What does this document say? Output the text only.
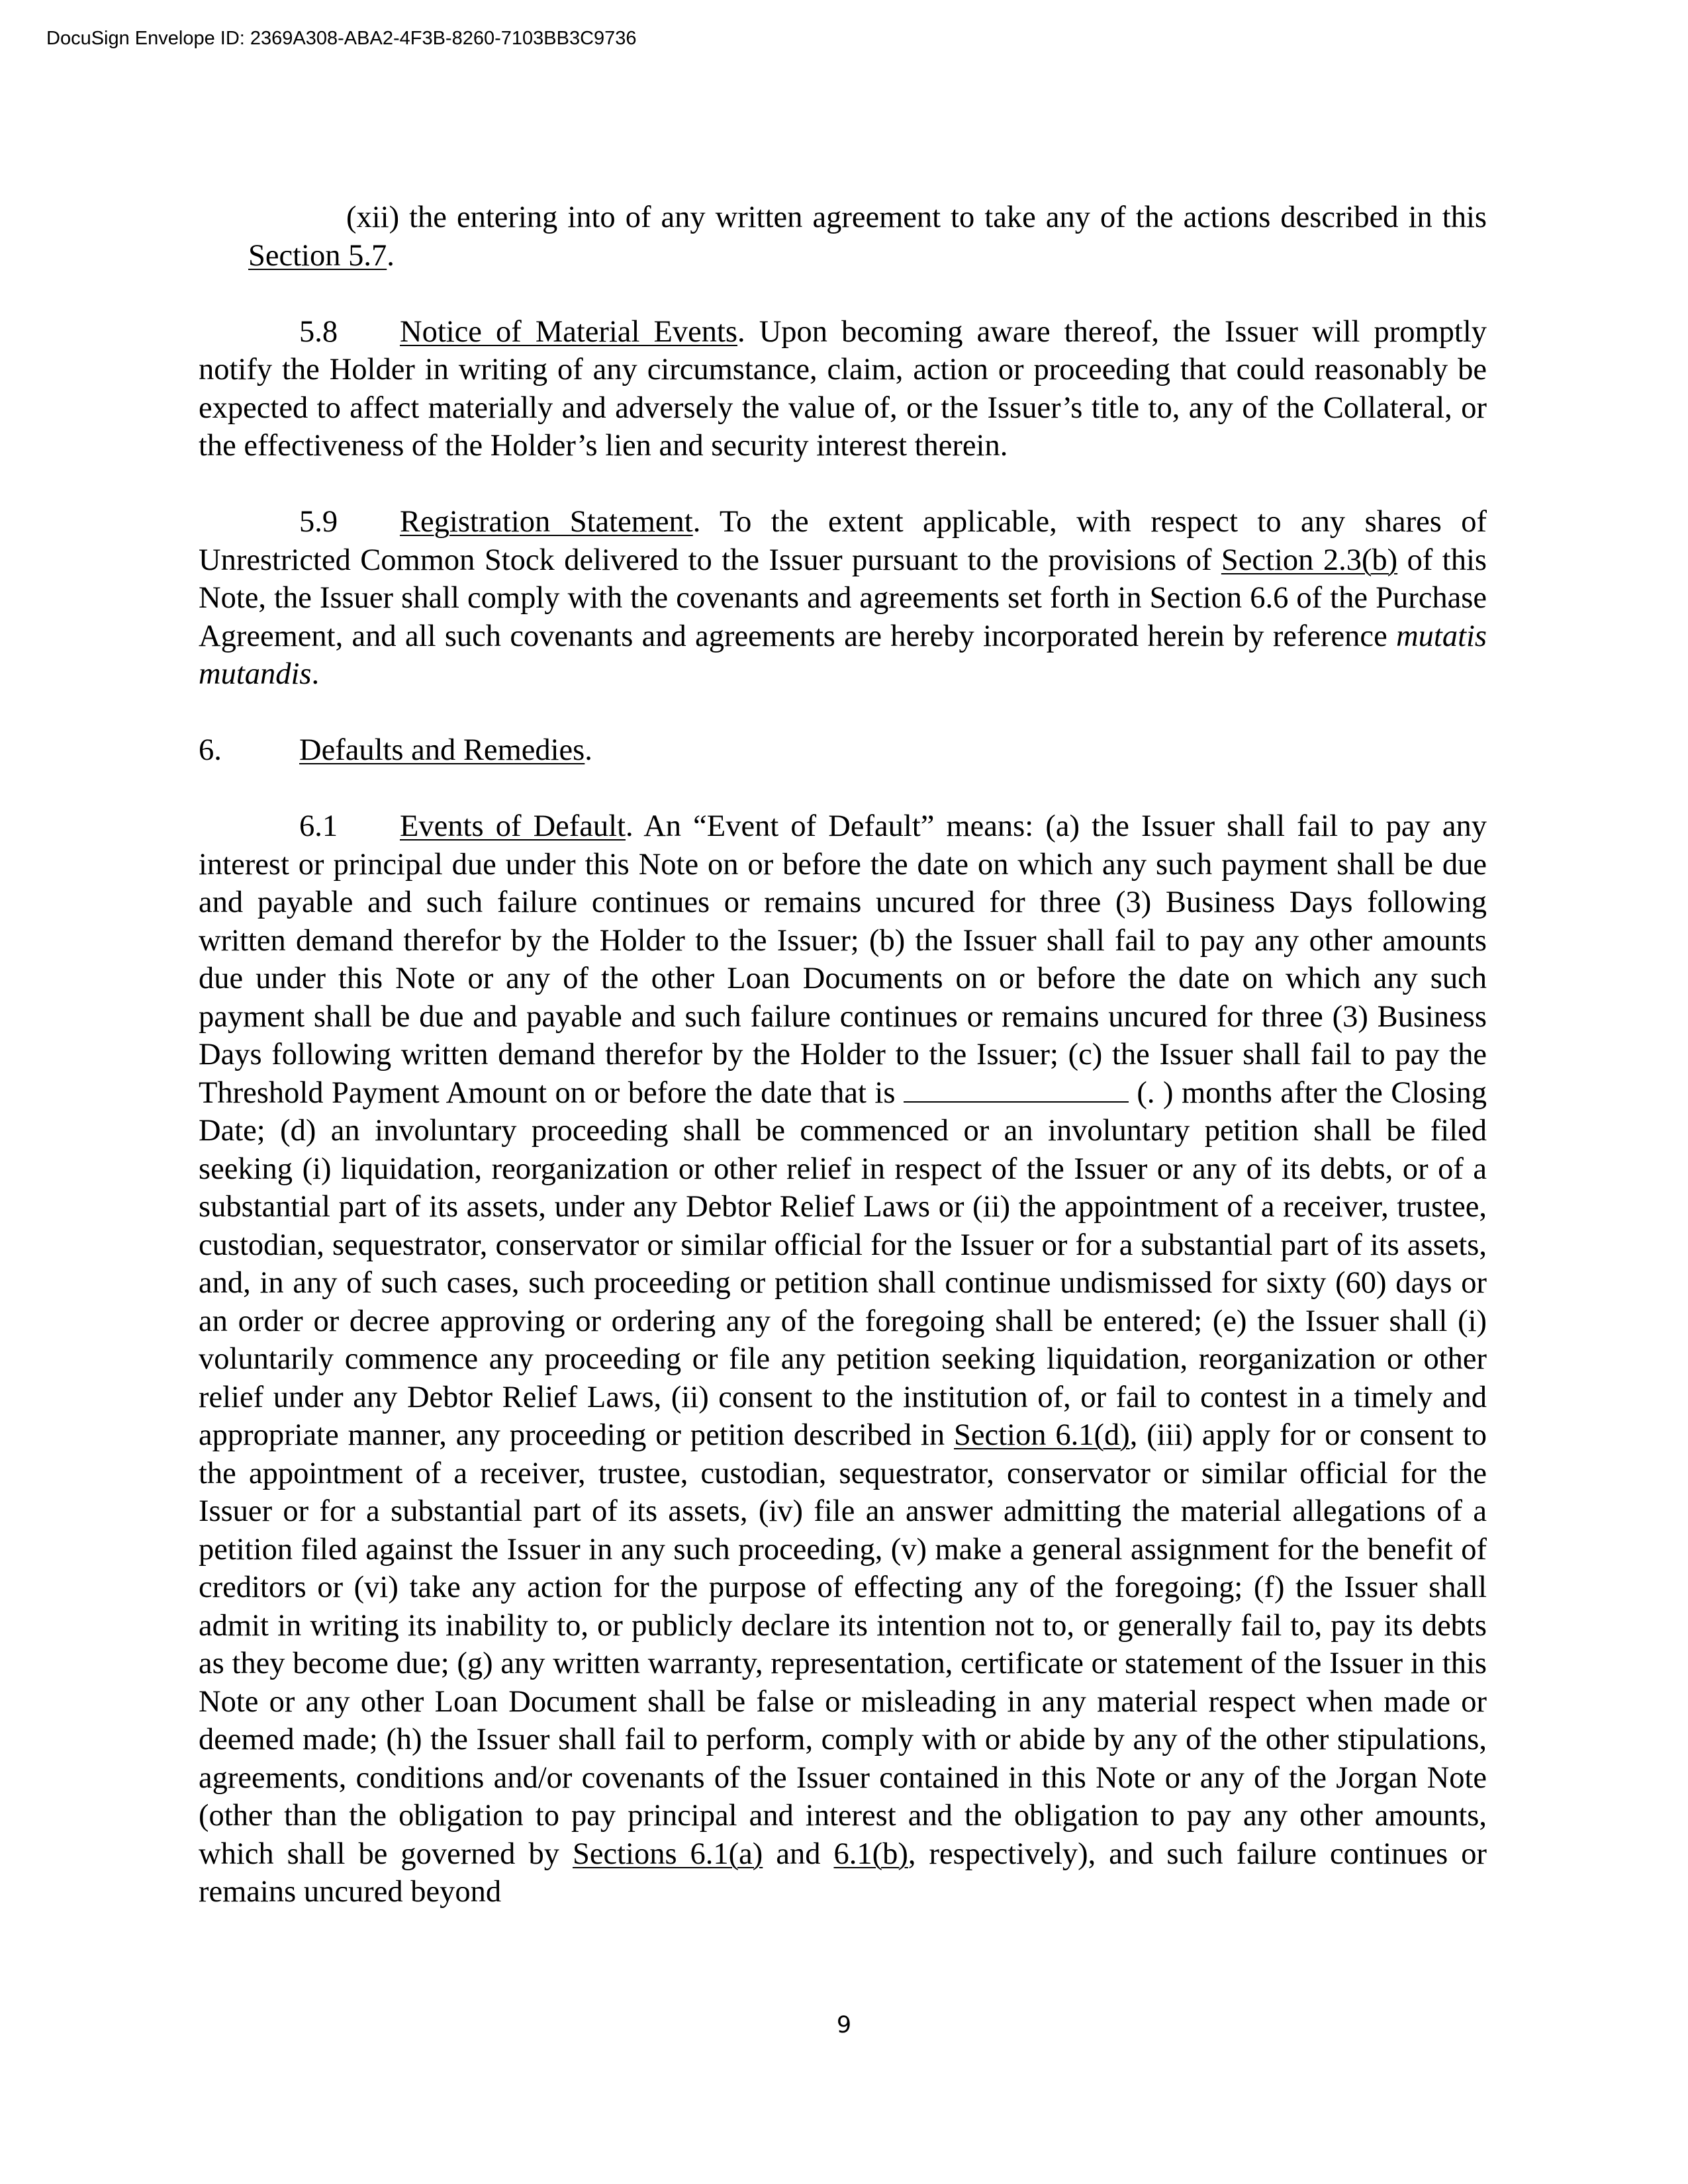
DocuSign Envelope ID: 2369A308-ABA2-4F3B-8260-7103BB3C9736

(xii) the entering into of any written agreement to take any of the actions described in this Section 5.7.

5.8 Notice of Material Events. Upon becoming aware thereof, the Issuer will promptly notify the Holder in writing of any circumstance, claim, action or proceeding that could reasonably be expected to affect materially and adversely the value of, or the Issuer’s title to, any of the Collateral, or the effectiveness of the Holder’s lien and security interest therein.

5.9 Registration Statement. To the extent applicable, with respect to any shares of Unrestricted Common Stock delivered to the Issuer pursuant to the provisions of Section 2.3(b) of this Note, the Issuer shall comply with the covenants and agreements set forth in Section 6.6 of the Purchase Agreement, and all such covenants and agreements are hereby incorporated herein by reference mutatis mutandis.

6.	Defaults and Remedies.

6.1 Events of Default. An “Event of Default” means: (a) the Issuer shall fail to pay any interest or principal due under this Note on or before the date on which any such payment shall be due and payable and such failure continues or remains uncured for three (3) Business Days following written demand therefor by the Holder to the Issuer; (b) the Issuer shall fail to pay any other amounts due under this Note or any of the other Loan Documents on or before the date on which any such payment shall be due and payable and such failure continues or remains uncured for three (3) Business Days following written demand therefor by the Holder to the Issuer; (c) the Issuer shall fail to pay the Threshold Payment Amount on or before the date that is	(. ) months after the Closing Date; (d) an involuntary proceeding shall be commenced or an involuntary petition shall be filed seeking (i) liquidation, reorganization or other relief in respect of the Issuer or any of its debts, or of a substantial part of its assets, under any Debtor Relief Laws or (ii) the appointment of a receiver, trustee, custodian, sequestrator, conservator or similar official for the Issuer or for a substantial part of its assets, and, in any of such cases, such proceeding or petition shall continue undismissed for sixty (60) days or an order or decree approving or ordering any of the foregoing shall be entered; (e) the Issuer shall (i) voluntarily commence any proceeding or file any petition seeking liquidation, reorganization or other relief under any Debtor Relief Laws, (ii) consent to the institution of, or fail to contest in a timely and appropriate manner, any proceeding or petition described in Section 6.1(d), (iii) apply for or consent to the appointment of a receiver, trustee, custodian, sequestrator, conservator or similar official for the Issuer or for a substantial part of its assets, (iv) file an answer admitting the material allegations of a petition filed against the Issuer in any such proceeding, (v) make a general assignment for the benefit of creditors or (vi) take any action for the purpose of effecting any of the foregoing; (f) the Issuer shall admit in writing its inability to, or publicly declare its intention not to, or generally fail to, pay its debts as they become due; (g) any written warranty, representation, certificate or statement of the Issuer in this Note or any other Loan Document shall be false or misleading in any material respect when made or deemed made; (h) the Issuer shall fail to perform, comply with or abide by any of the other stipulations, agreements, conditions and/or covenants of the Issuer contained in this Note or any of the Jorgan Note (other than the obligation to pay principal and interest and the obligation to pay any other amounts, which shall be governed by Sections 6.1(a) and 6.1(b), respectively), and such failure continues or remains uncured beyond

9
